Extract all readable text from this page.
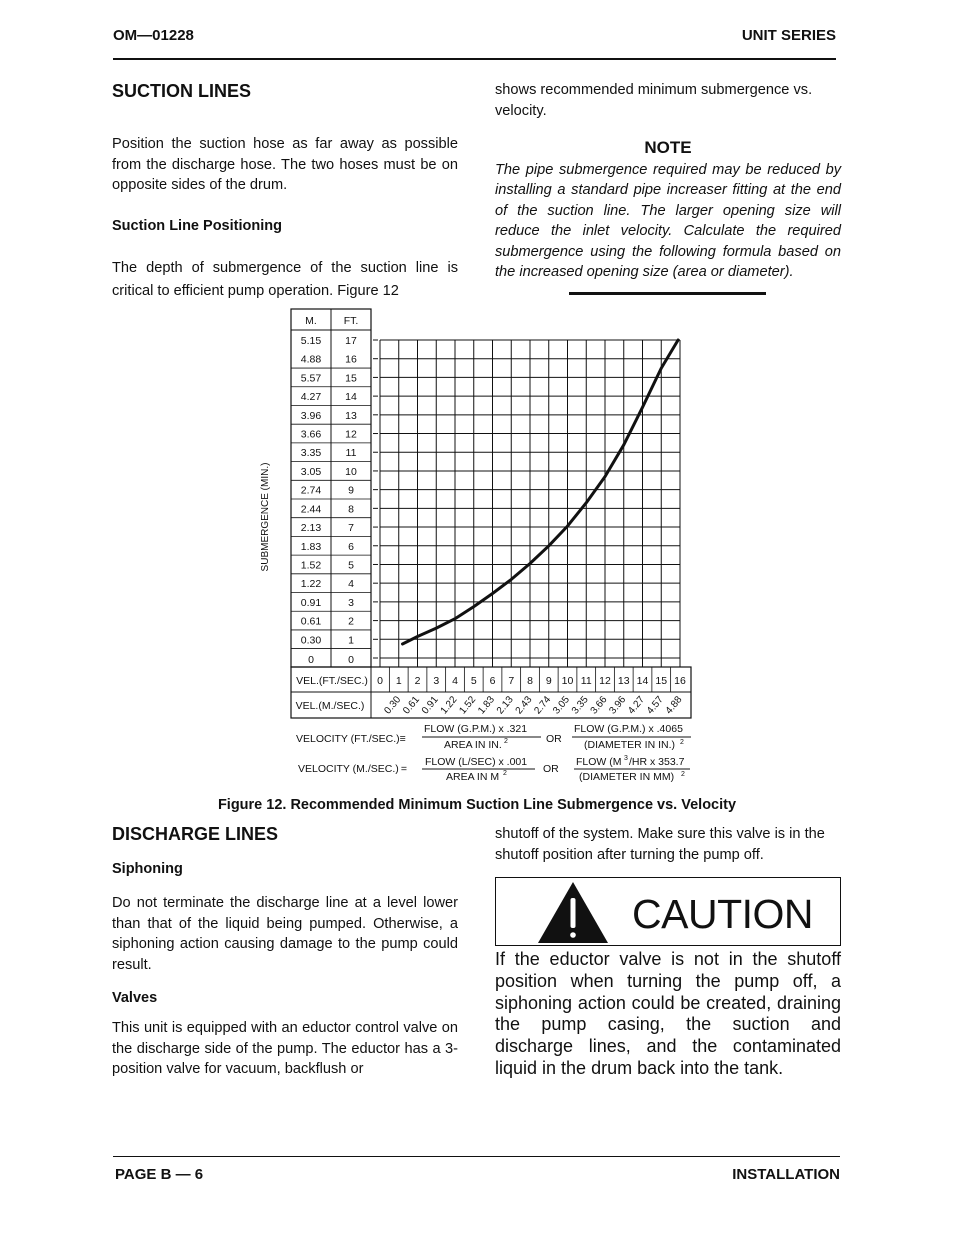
OM—01228	UNIT SERIES
SUCTION LINES
Position the suction hose as far away as possible from the discharge hose. The two hoses must be on opposite sides of the drum.
Suction Line Positioning
The depth of submergence of the suction line is critical to efficient pump operation. Figure 12
shows recommended minimum submergence vs. velocity.
NOTE
The pipe submergence required may be reduced by installing a standard pipe increaser fitting at the end of the suction line. The larger opening size will reduce the inlet velocity. Calculate the required submergence using the following formula based on the increased opening size (area or diameter).
M.	FT.
5.15 17
4.88 16
5.57 15
4.27 14
3.96 13
3.66 12
3.35 11
3.05 10
2.74	9
2.44	8
2.13	7
1.83	6
1.52	5
1.22	4
0.91	3
0.61	2
0.30	1
0	0
SUBMERGENCE (MIN.)
VEL.(FT./SEC.)
VEL.(M./SEC.)
0 1 2 3 4 5 6 7 8 9 10 11 12 13 14 15 16
0.30
0.61
0.91
1.22
1.52
1.83
2.13
2.43
2.74
3.05
3.35
3.66
3.96
4.27
4.57
4.88
VELOCITY (FT./SEC.)≡
FLOW (G.P.M.) x .321
AREA IN IN. 2	OR
FLOW (G.P.M.) x .4065
(DIAMETER IN IN.) 2
VELOCITY (M./SEC.) =
FLOW (L/SEC) x .001
AREA IN M 2	OR
FLOW (M 3 /HR x 353.7
(DIAMETER IN MM) 2
Figure 12. Recommended Minimum Suction Line Submergence vs. Velocity
DISCHARGE LINES
Siphoning
Do not terminate the discharge line at a level lower than that of the liquid being pumped. Otherwise, a siphoning action causing damage to the pump could result.
Valves
This unit is equipped with an eductor control valve on the discharge side of the pump. The eductor has a 3-position valve for vacuum, backflush or
shutoff of the system. Make sure this valve is in the shutoff position after turning the pump off.
CAUTION
If the eductor valve is not in the shutoff position when turning the pump off, a siphoning action could be created, draining the pump casing, the suction and discharge lines, and the contaminated liquid in the drum back into the tank.
PAGE B — 6	INSTALLATION
